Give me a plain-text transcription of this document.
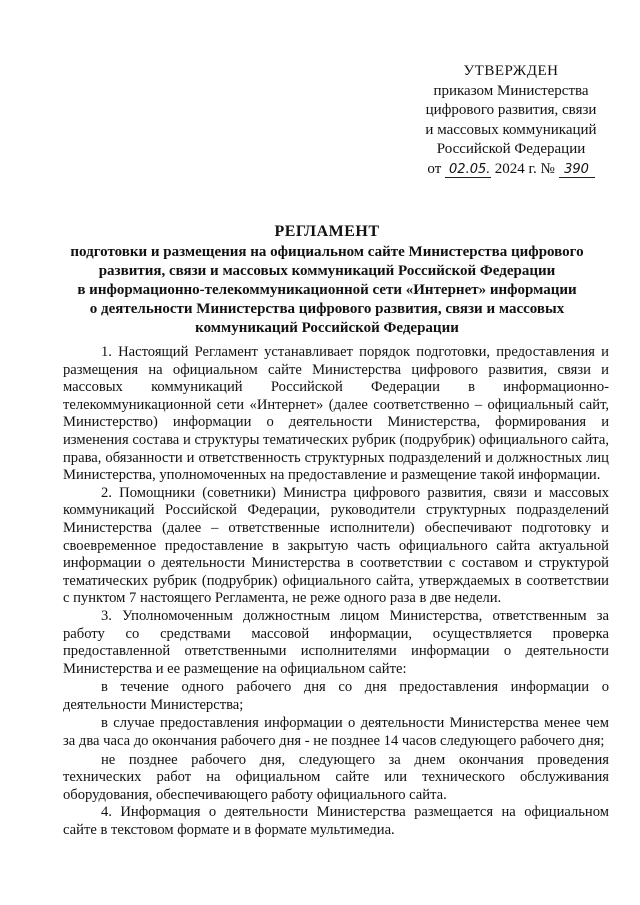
УТВЕРЖДЕН
приказом Министерства
цифрового развития, связи
и массовых коммуникаций
Российской Федерации
от 02.05. 2024 г. № 390
РЕГЛАМЕНТ
подготовки и размещения на официальном сайте Министерства цифрового
развития, связи и массовых коммуникаций Российской Федерации
в информационно-телекоммуникационной сети «Интернет» информации
о деятельности Министерства цифрового развития, связи и массовых
коммуникаций Российской Федерации

1. Настоящий Регламент устанавливает порядок подготовки, предоставления и размещения на официальном сайте Министерства цифрового развития, связи и массовых коммуникаций Российской Федерации в информационно-телекоммуникационной сети «Интернет» (далее соответственно – официальный сайт, Министерство) информации о деятельности Министерства, формирования и изменения состава и структуры тематических рубрик (подрубрик) официального сайта, права, обязанности и ответственность структурных подразделений и должностных лиц Министерства, уполномоченных на предоставление и размещение такой информации.

2. Помощники (советники) Министра цифрового развития, связи и массовых коммуникаций Российской Федерации, руководители структурных подразделений Министерства (далее – ответственные исполнители) обеспечивают подготовку и своевременное предоставление в закрытую часть официального сайта актуальной информации о деятельности Министерства в соответствии с составом и структурой тематических рубрик (подрубрик) официального сайта, утверждаемых в соответствии с пунктом 7 настоящего Регламента, не реже одного раза в две недели.

3. Уполномоченным должностным лицом Министерства, ответственным за работу со средствами массовой информации, осуществляется проверка предоставленной ответственными исполнителями информации о деятельности Министерства и ее размещение на официальном сайте:

в течение одного рабочего дня со дня предоставления информации о деятельности Министерства;

в случае предоставления информации о деятельности Министерства менее чем за два часа до окончания рабочего дня - не позднее 14 часов следующего рабочего дня;

не позднее рабочего дня, следующего за днем окончания проведения технических работ на официальном сайте или технического обслуживания оборудования, обеспечивающего работу официального сайта.

4. Информация о деятельности Министерства размещается на официальном сайте в текстовом формате и в формате мультимедиа.
